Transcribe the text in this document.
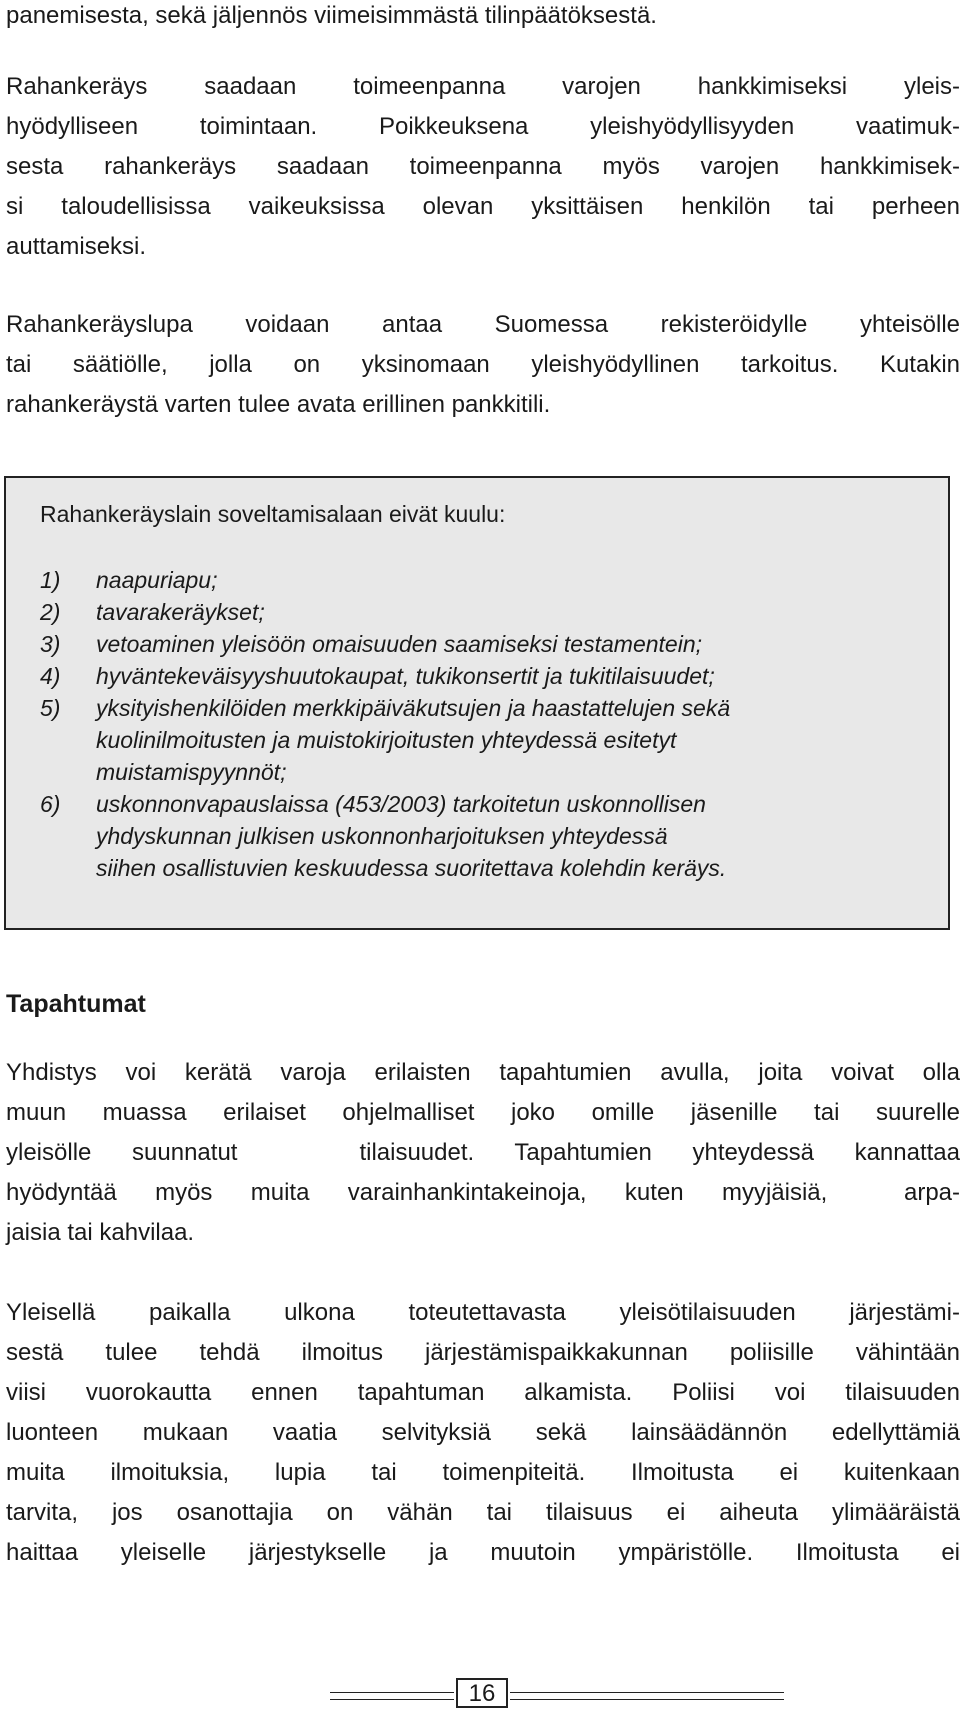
panemisesta, sekä jäljennös viimeisimmästä tilinpäätöksestä.
Rahankeräys saadaan toimeenpanna varojen hankkimiseksi yleis-
hyödylliseen toimintaan. Poikkeuksena yleishyödyllisyyden vaatimuk-
sesta rahankeräys saadaan toimeenpanna myös varojen hankkimisek-
si taloudellisissa vaikeuksissa olevan yksittäisen henkilön tai perheen
auttamiseksi.
Rahankeräyslupa voidaan antaa Suomessa rekisteröidylle yhteisölle
tai säätiölle, jolla on yksinomaan yleishyödyllinen tarkoitus. Kutakin
rahankeräystä varten tulee avata erillinen pankkitili.
Rahankeräyslain soveltamisalaan eivät kuulu:
1) naapuriapu;
2) tavarakeräykset;
3) vetoaminen yleisöön omaisuuden saamiseksi testamentein;
4) hyväntekeväisyyshuutokaupat, tukikonsertit ja tukitilaisuudet;
5) yksityishenkilöiden merkkipäiväkutsujen ja haastattelujen sekä
kuolinilmoitusten ja muistokirjoitusten yhteydessä esitetyt
muistamispyynnöt;
6) uskonnonvapauslaissa (453/2003) tarkoitetun uskonnollisen
yhdyskunnan julkisen uskonnonharjoituksen yhteydessä
siihen osallistuvien keskuudessa suoritettava kolehdin keräys.
Tapahtumat
Yhdistys voi kerätä varoja erilaisten tapahtumien avulla, joita voivat olla
muun muassa erilaiset ohjelmalliset joko omille jäsenille tai suurelle
yleisölle suunnatut   tilaisuudet. Tapahtumien yhteydessä kannattaa
hyödyntää myös muita varainhankintakeinoja, kuten myyjäisiä,  arpa-
jaisia tai kahvilaa.
Yleisellä paikalla ulkona toteutettavasta yleisötilaisuuden järjestämi-
sestä tulee tehdä ilmoitus järjestämispaikkakunnan poliisille vähintään
viisi vuorokautta ennen tapahtuman alkamista. Poliisi voi tilaisuuden
luonteen mukaan vaatia selvityksiä sekä lainsäädännön edellyttämiä
muita ilmoituksia, lupia tai toimenpiteitä. Ilmoitusta ei kuitenkaan
tarvita, jos osanottajia on vähän tai tilaisuus ei aiheuta ylimääräistä
haittaa yleiselle järjestykselle ja muutoin ympäristölle. Ilmoitusta ei
16
